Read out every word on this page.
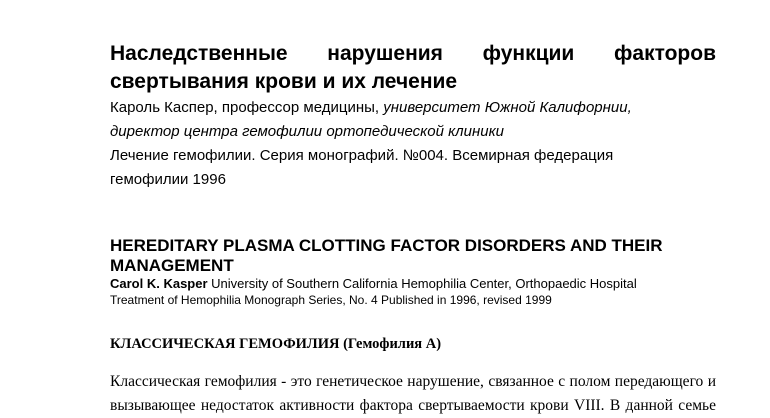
Наследственные нарушения функции факторов свертывания крови и их лечение

Кароль Каспер, профессор медицины, университет Южной Калифорнии,

директор центра гемофилии ортопедической клиники

Лечение гемофилии. Серия монографий. №004. Всемирная федерация гемофилии 1996

HEREDITARY PLASMA CLOTTING FACTOR DISORDERS AND THEIR MANAGEMENT

Carol K. Kasper University of Southern California Hemophilia Center, Orthopaedic Hospital

Treatment of Hemophilia Monograph Series, No. 4 Published in 1996, revised 1999

КЛАССИЧЕСКАЯ ГЕМОФИЛИЯ (Гемофилия А)

Классическая гемофилия - это генетическое нарушение, связанное с полом передающего и вызывающее недостаток активности фактора свертываемости крови VIII. В данной семье
